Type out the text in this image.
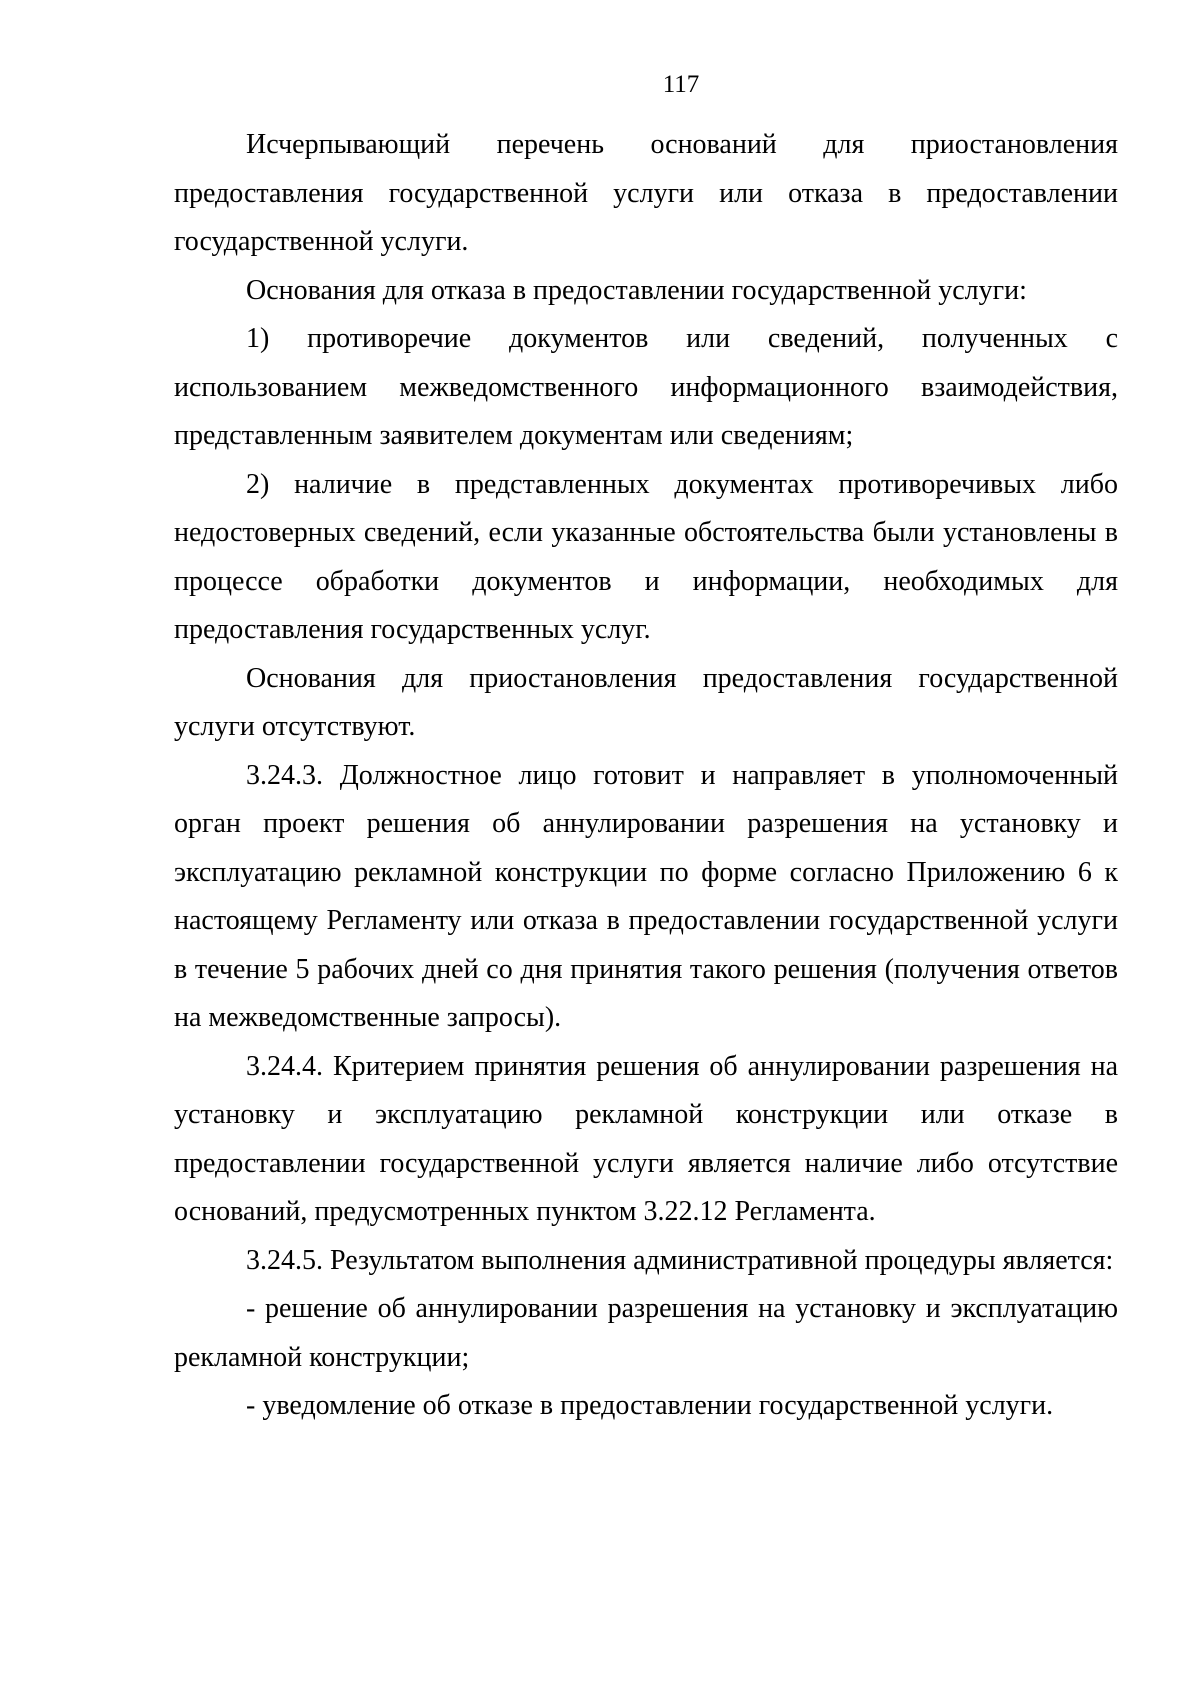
117

Исчерпывающий перечень оснований для приостановления предоставления государственной услуги или отказа в предоставлении государственной услуги.

Основания для отказа в предоставлении государственной услуги:

1) противоречие документов или сведений, полученных с использованием межведомственного информационного взаимодействия, представленным заявителем документам или сведениям;

2) наличие в представленных документах противоречивых либо недостоверных сведений, если указанные обстоятельства были установлены в процессе обработки документов и информации, необходимых для предоставления государственных услуг.

Основания для приостановления предоставления государственной услуги отсутствуют.

3.24.3. Должностное лицо готовит и направляет в уполномоченный орган проект решения об аннулировании разрешения на установку и эксплуатацию рекламной конструкции по форме согласно Приложению 6 к настоящему Регламенту или отказа в предоставлении государственной услуги в течение 5 рабочих дней со дня принятия такого решения (получения ответов на межведомственные запросы).

3.24.4. Критерием принятия решения об аннулировании разрешения на установку и эксплуатацию рекламной конструкции или отказе в предоставлении государственной услуги является наличие либо отсутствие оснований, предусмотренных пунктом 3.22.12 Регламента.

3.24.5. Результатом выполнения административной процедуры является:

- решение об аннулировании разрешения на установку и эксплуатацию рекламной конструкции;

- уведомление об отказе в предоставлении государственной услуги.
